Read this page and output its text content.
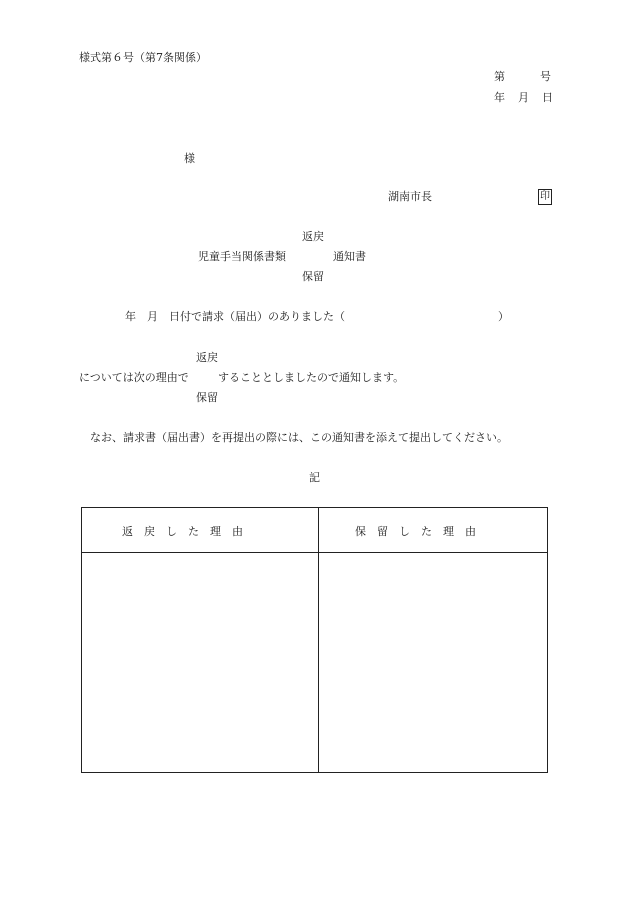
様式第６号（第7条関係）
第	号
年　月　日
様
湖南市長	印
返戻
児童手当関係書類	通知書
保留
年　月　日付で請求（届出）のありました（	）
返戻
については次の理由で	することとしましたので通知します。
保留
なお、請求書（届出書）を再提出の際には、この通知書を添えて提出してください。
記
返戻した理由	保留した理由
